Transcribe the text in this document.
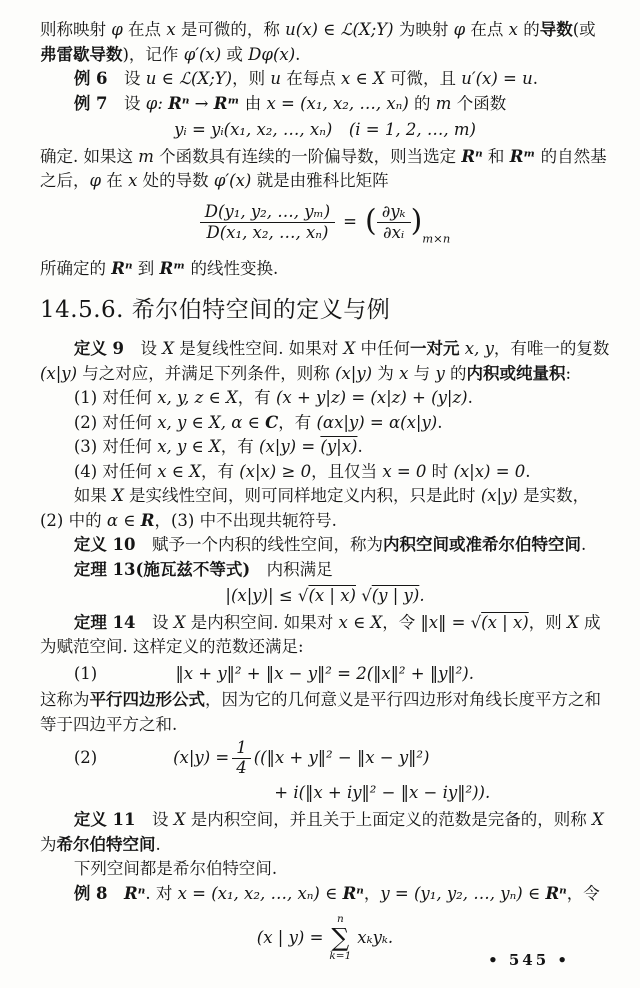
则称映射 φ 在点 x 是可微的，称 u(x) ∈ ℒ(X;Y) 为映射 φ 在点 x 的导数(或弗雷歇导数)，记作 φ′(x) 或 Dφ(x).

例 6　设 u ∈ ℒ(X;Y)，则 u 在每点 x ∈ X 可微，且 u′(x) = u.

例 7　设 φ: Rⁿ → Rᵐ 由 x = (x₁, x₂, …, xₙ) 的 m 个函数

yᵢ = yᵢ(x₁, x₂, …, xₙ)　(i = 1, 2, …, m)

确定. 如果这 m 个函数具有连续的一阶偏导数，则当选定 Rⁿ 和 Rᵐ 的自然基之后，φ 在 x 处的导数 φ′(x) 就是由雅科比矩阵

$\frac{\text{D(y₁, y₂, …, yₘ)}}{\text{D(x₁, x₂, …, xₙ)}}$ = ( $\frac{\text{∂yₖ}}{\text{∂xᵢ}} )_{m\times n}$

所确定的 Rⁿ 到 Rᵐ 的线性变换.

14.5.6. 希尔伯特空间的定义与例

定义 9　设 X 是复线性空间. 如果对 X 中任何一对元 x, y，有唯一的复数 (x|y) 与之对应，并满足下列条件，则称 (x|y) 为 x 与 y 的内积或纯量积:

(1) 对任何 x, y, z ∈ X，有 (x + y|z) = (x|z) + (y|z).

(2) 对任何 x, y ∈ X, α ∈ C，有 (αx|y) = α(x|y).

(3) 对任何 x, y ∈ X，有 (x|y) = (y|x).

(4) 对任何 x ∈ X，有 (x|x) ≥ 0，且仅当 x = 0 时 (x|x) = 0.

如果 X 是实线性空间，则可同样地定义内积，只是此时 (x|y) 是实数，(2) 中的 α ∈ R，(3) 中不出现共轭符号.

定义 10　赋予一个内积的线性空间，称为内积空间或准希尔伯特空间.

定理 13(施瓦兹不等式)　内积满足

|(x|y)| ≤ √(x | x) √(y | y).

定理 14　设 X 是内积空间. 如果对 x ∈ X，令 ‖x‖ = √(x | x)，则 X 成为赋范空间. 这样定义的范数还满足:

(1)	‖x + y‖² + ‖x − y‖² = 2(‖x‖² + ‖y‖²).

这称为平行四边形公式，因为它的几何意义是平行四边形对角线长度平方之和等于四边平方之和.

(2)	$(x|y) = \frac{1}{4}$ ((‖x + y‖² − ‖x − y‖²)
+ i(‖x + iy‖² − ‖x − iy‖²)).

定义 11　设 X 是内积空间，并且关于上面定义的范数是完备的，则称 X 为希尔伯特空间.

下列空间都是希尔伯特空间.

例 8　 Rⁿ. 对 x = (x₁, x₂, …, xₙ) ∈ Rⁿ，y = (y₁, y₂, …, yₙ) ∈ Rⁿ，令

(x | y) =
n
∑
k=1
xₖyₖ.
• 545 •
